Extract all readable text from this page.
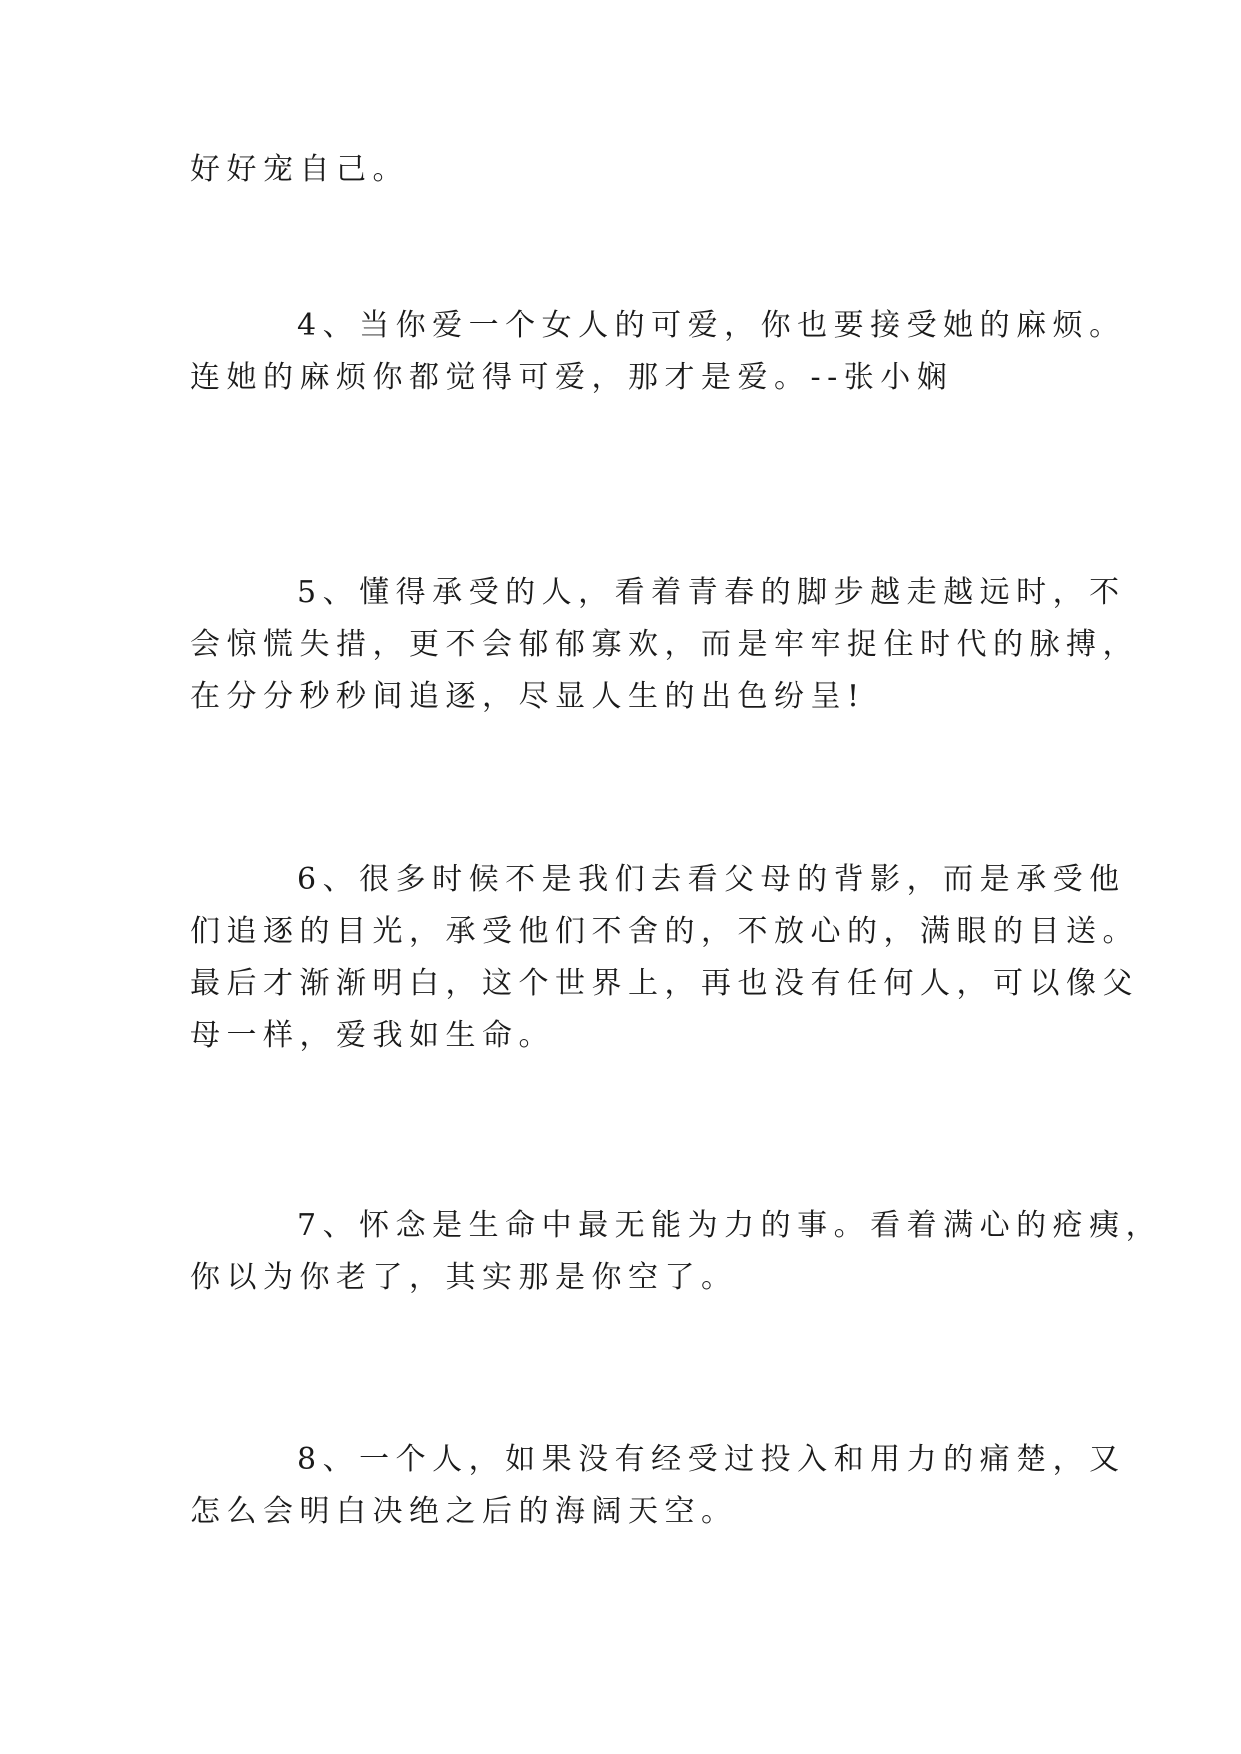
好好宠自己。
4、当你爱一个女人的可爱，你也要接受她的麻烦。
连她的麻烦你都觉得可爱，那才是爱。--张小娴
5、懂得承受的人，看着青春的脚步越走越远时，不
会惊慌失措，更不会郁郁寡欢，而是牢牢捉住时代的脉搏，
在分分秒秒间追逐，尽显人生的出色纷呈!
6、很多时候不是我们去看父母的背影，而是承受他
们追逐的目光，承受他们不舍的，不放心的，满眼的目送。
最后才渐渐明白，这个世界上，再也没有任何人，可以像父
母一样，爱我如生命。
7、怀念是生命中最无能为力的事。看着满心的疮痍，
你以为你老了，其实那是你空了。
8、一个人，如果没有经受过投入和用力的痛楚，又
怎么会明白决绝之后的海阔天空。
